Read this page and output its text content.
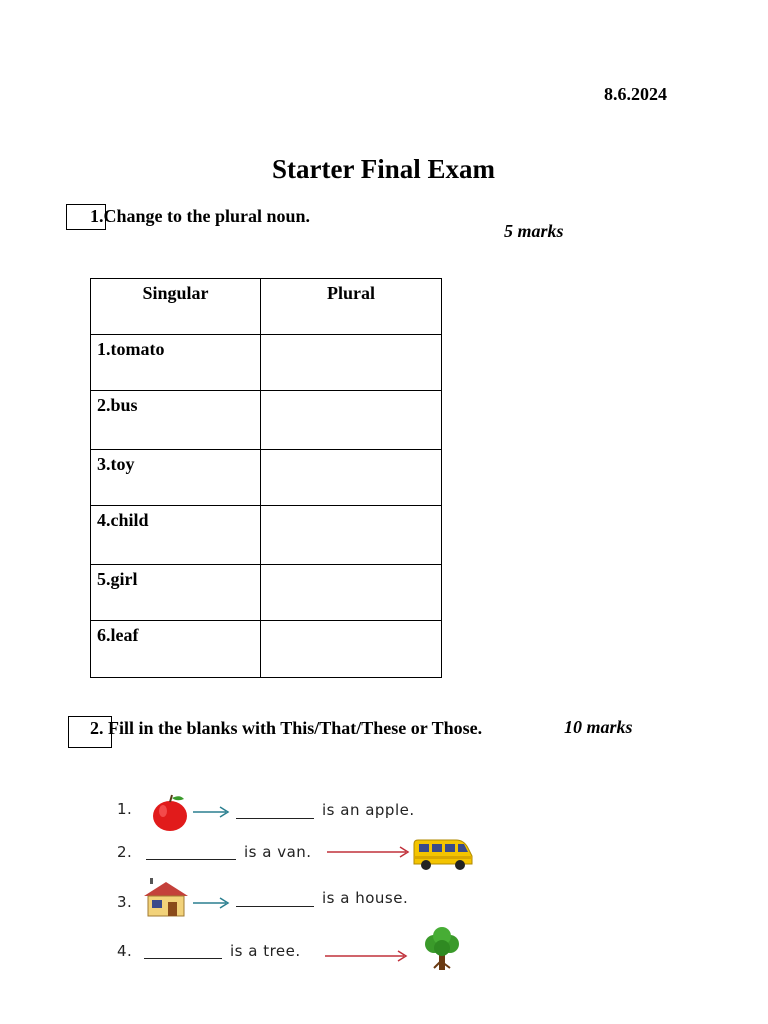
8.6.2024
Starter Final Exam
1.Change to the plural noun.
5 marks
Singular	Plural
1.tomato	
2.bus	
3.toy	
4.child	
5.girl	
6.leaf	
2. Fill in the blanks with This/That/These or Those.	10 marks
1.	is an apple.
2.	is a van.
3.	is a house.
4.	is a tree.
